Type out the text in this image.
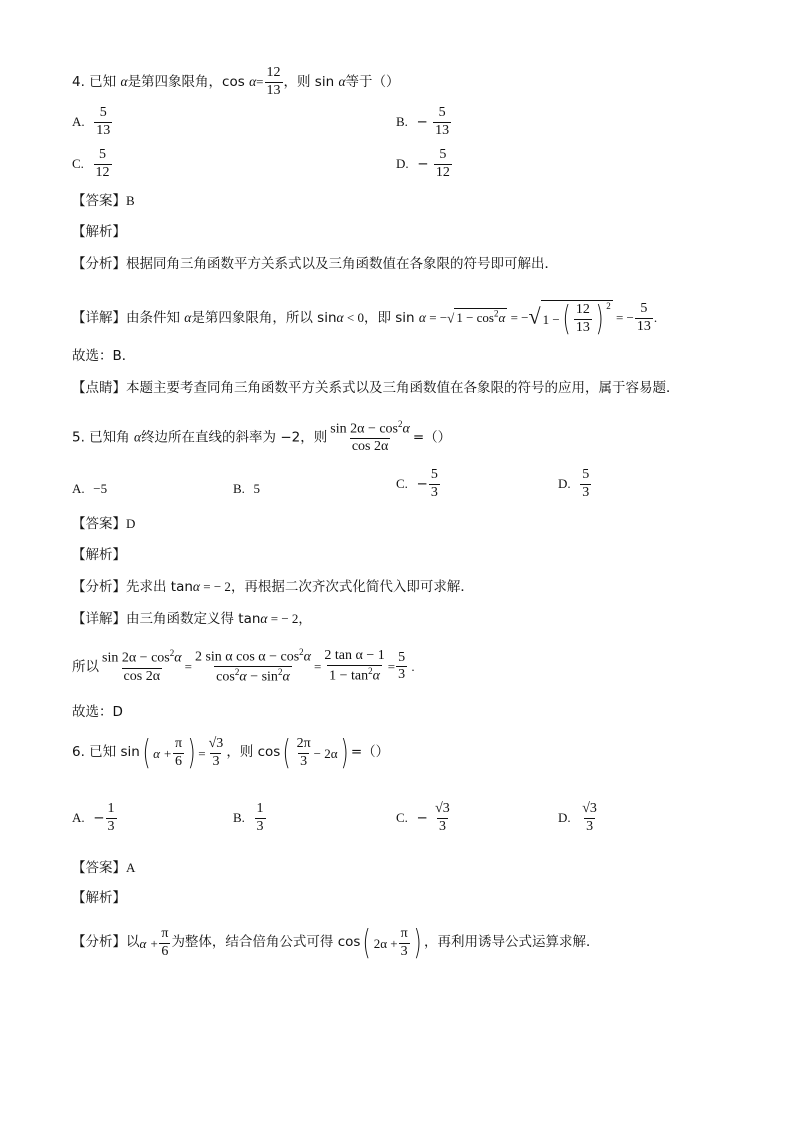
4. 已知 α是第四象限角，$\cos \alpha= \frac{12}{13}$ ，则 sin α等于（）
A. $\frac{5}{13}$	B. − $\frac{5}{13}$
C. $\frac{5}{12}$	D. − $\frac{5}{12}$
【答案】B
【解析】
【分析】根据同角三角函数平方关系式以及三角函数值在各象限的符号即可解出．
【详解】由条件知 α是第四象限角，所以 sinα < 0，即 sin α = −√ $1 - \cos^2\alpha$ = −√ 1 − ( $\frac{12}{13}$ ) $^2$
= − $\frac{5}{13}$ .
故选：B．
【点睛】本题主要考查同角三角函数平方关系式以及三角函数值在各象限的符号的应用，属于容易题．
5. 已知角 α终边所在直线的斜率为 −2，则 $\frac{\sin 2\alpha - \cos^2\alpha}{\cos 2\alpha}$ =（）
A. −5	B. 5	C. − $\frac{5}{3}$	D. $\frac{5}{3}$
【答案】D
【解析】
【分析】先求出 tanα = − 2，再根据二次齐次式化简代入即可求解．
【详解】由三角函数定义得 tanα = − 2，
所以 $\frac{\sin 2\alpha - \cos^2\alpha}{\cos 2\alpha} = \frac{2 \sin \alpha \cos \alpha - \cos^2\alpha}{\cos^2\alpha - \sin^2\alpha} = \frac{\text{2 tan α − 1}}{1 - \tan^2\alpha} = \frac{5}{3}$ .
故选：D
6. 已知 sin ( $\alpha + \frac{\pi}{6}$ ) = $\frac{√3}{3}$ ，则 cos ( $\frac{2\pi}{3} - 2\alpha$ ) =（）
A. − $\frac{1}{3}$	B. $\frac{1}{3}$	C. − $\frac{√3}{3}$	D. $\frac{√3}{3}$
【答案】A
【解析】
【分析】 以 $\alpha + \frac{\pi}{6}$ 为整体，结合倍角公式可得 cos ( $2\alpha + \frac{\pi}{3}$ ) ，再利用诱导公式运算求解．
